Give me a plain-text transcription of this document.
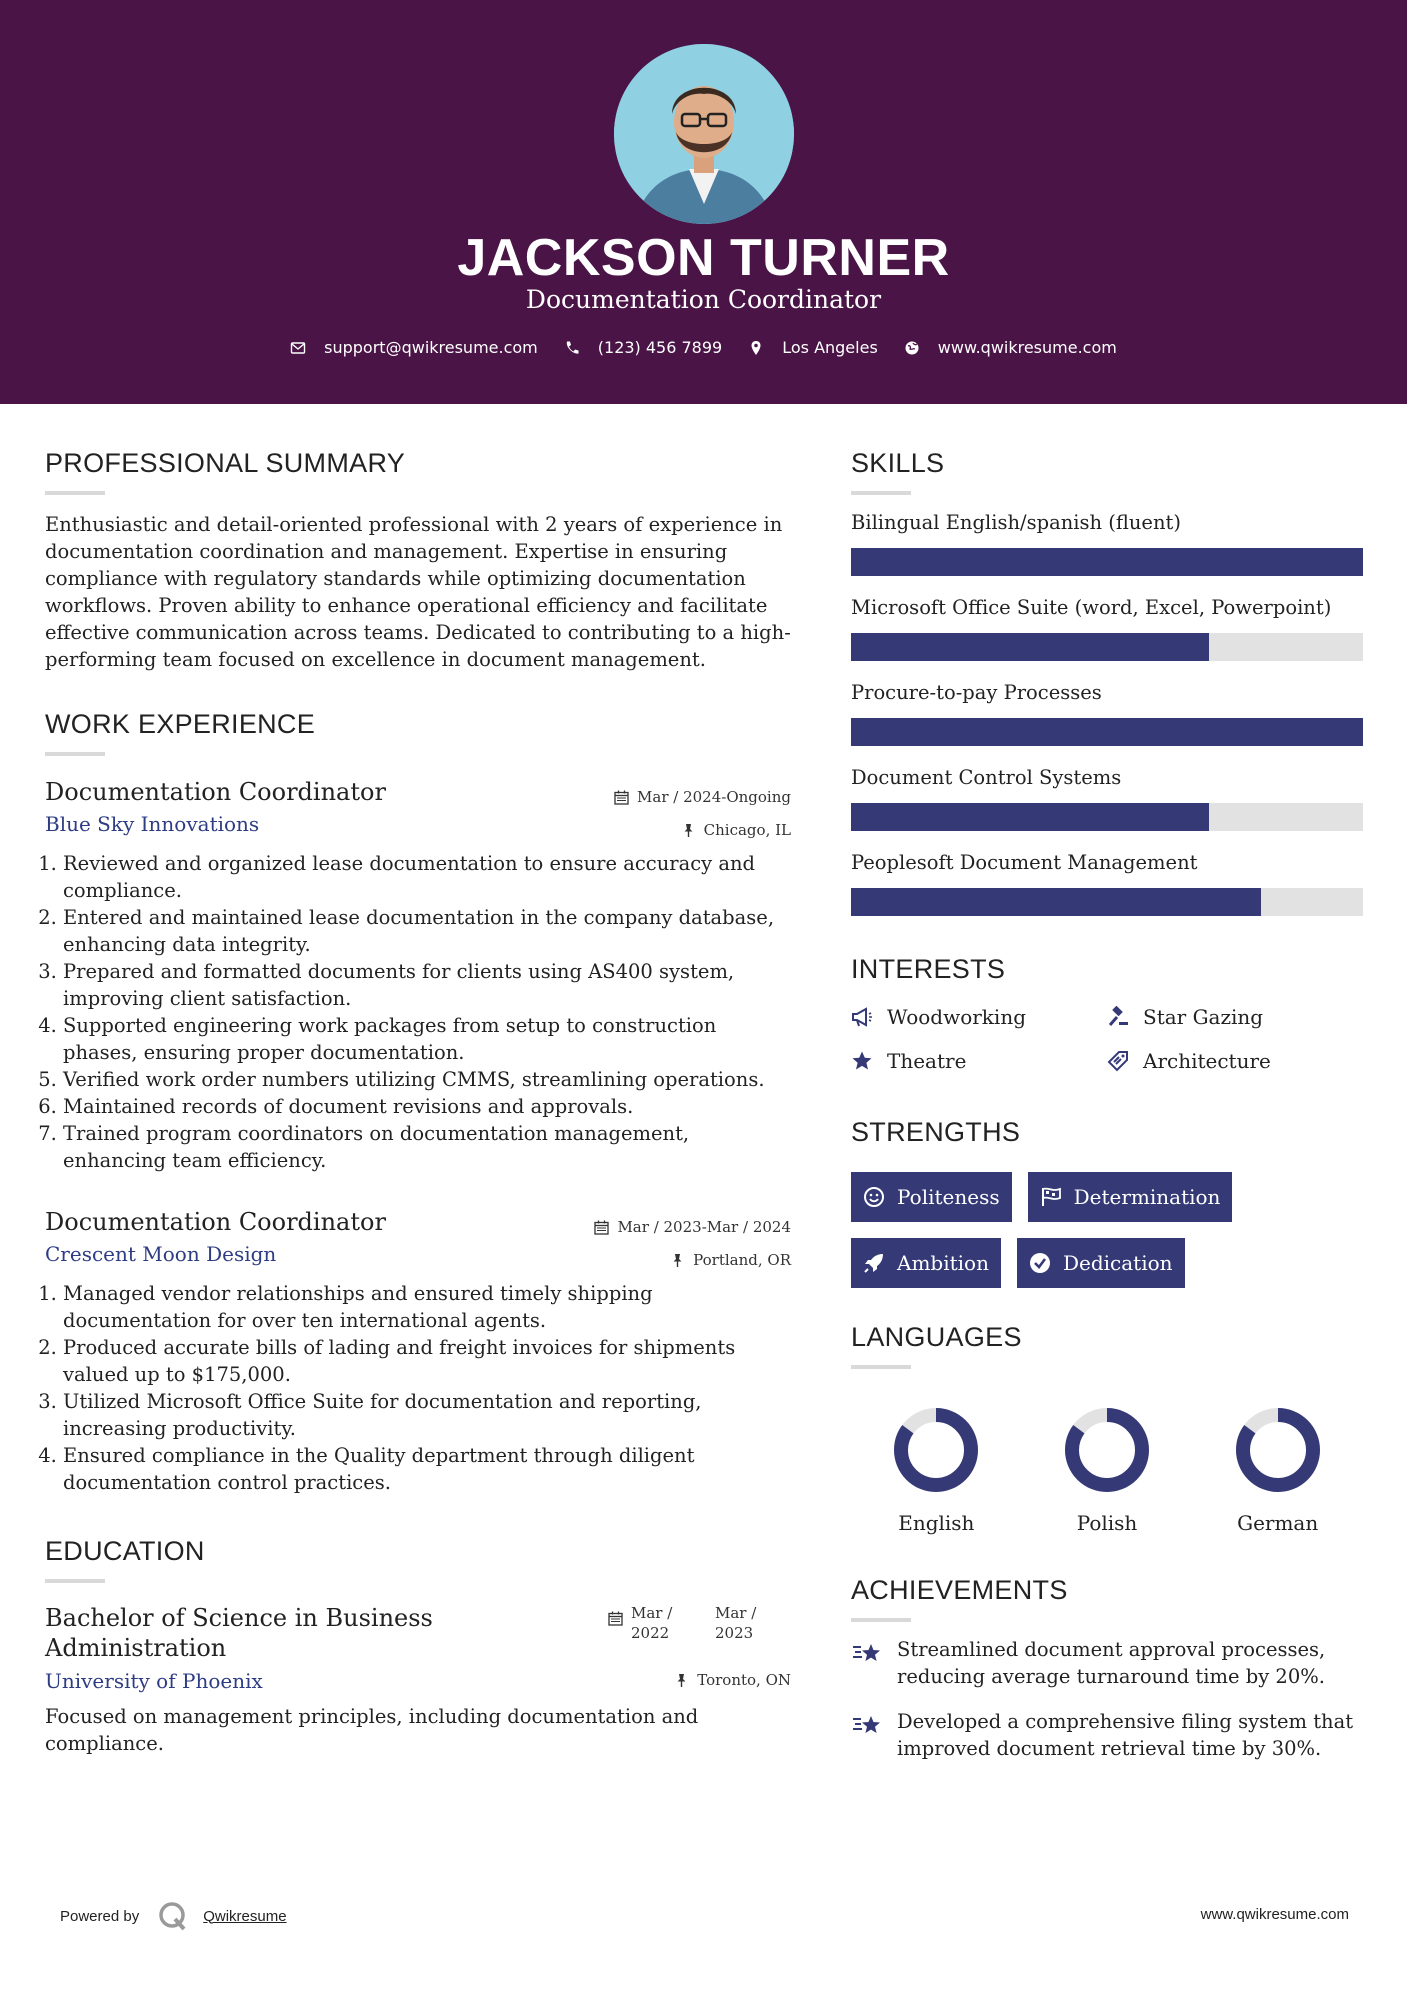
JACKSON TURNER
Documentation Coordinator
support@qwikresume.com	(123) 456 7899	Los Angeles	www.qwikresume.com
PROFESSIONAL SUMMARY
Enthusiastic and detail-oriented professional with 2 years of experience in documentation coordination and management. Expertise in ensuring compliance with regulatory standards while optimizing documentation workflows. Proven ability to enhance operational efficiency and facilitate effective communication across teams. Dedicated to contributing to a high-performing team focused on excellence in document management.
WORK EXPERIENCE
Mar / 2024-Ongoing
Chicago, IL
Documentation Coordinator
Blue Sky Innovations
1. Reviewed and organized lease documentation to ensure accuracy and compliance.
2. Entered and maintained lease documentation in the company database, enhancing data integrity.
3. Prepared and formatted documents for clients using AS400 system, improving client satisfaction.
4. Supported engineering work packages from setup to construction phases, ensuring proper documentation.
5. Verified work order numbers utilizing CMMS, streamlining operations.
6. Maintained records of document revisions and approvals.
7. Trained program coordinators on documentation management, enhancing team efficiency.
Mar / 2023-Mar / 2024
Portland, OR
Documentation Coordinator
Crescent Moon Design
1. Managed vendor relationships and ensured timely shipping documentation for over ten international agents.
2. Produced accurate bills of lading and freight invoices for shipments valued up to $175,000.
3. Utilized Microsoft Office Suite for documentation and reporting, increasing productivity.
4. Ensured compliance in the Quality department through diligent documentation control practices.
EDUCATION
Mar / 2022
Mar / 2023
Toronto, ON
Bachelor of Science in Business Administration
University of Phoenix
Focused on management principles, including documentation and compliance.
SKILLS
Bilingual English/spanish (fluent)
Microsoft Office Suite (word, Excel, Powerpoint)
Procure-to-pay Processes
Document Control Systems
Peoplesoft Document Management
INTERESTS
Woodworking	Star Gazing
Theatre	Architecture
STRENGTHS
Politeness	Determination
Ambition	Dedication
LANGUAGES
English	Polish	German
ACHIEVEMENTS
Streamlined document approval processes, reducing average turnaround time by 20%.
Developed a comprehensive filing system that improved document retrieval time by 30%.
Powered by	Qwikresume	www.qwikresume.com
